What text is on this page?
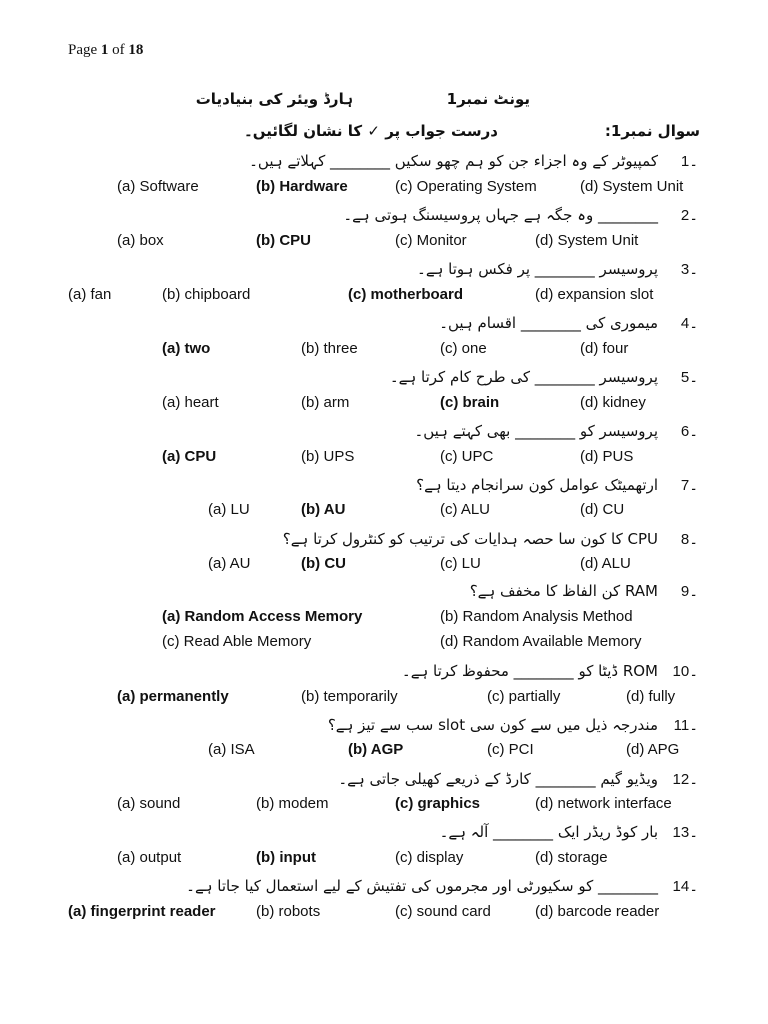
Page 1 of 18
یونٹ نمبر1
ہارڈ ویئر کی بنیادیات
سوال نمبر1:
درست جواب پر ✓ کا نشان لگائیں۔
1۔
کمپیوٹر کے وہ اجزاء جن کو ہم چھو سکیں ________ کہلاتے ہیں۔
(a) Software	(b) Hardware	(c) Operating System	(d) System Unit
2۔
________ وہ جگہ ہے جہاں پروسیسنگ ہوتی ہے۔
(a) box	(b) CPU	(c) Monitor	(d) System Unit
3۔
پروسیسر ________ پر فکس ہوتا ہے۔
(a) fan	(b) chipboard	(c) motherboard	(d) expansion slot
4۔
میموری کی ________ اقسام ہیں۔
(a) two	(b) three	(c) one	(d) four
5۔
پروسیسر ________ کی طرح کام کرتا ہے۔
(a) heart	(b) arm	(c) brain	(d) kidney
6۔
پروسیسر کو ________ بھی کہتے ہیں۔
(a) CPU	(b) UPS	(c) UPC	(d) PUS
7۔
ارتھمیٹک عوامل کون سرانجام دیتا ہے؟
(a) LU	(b) AU	(c) ALU	(d) CU
8۔
CPU کا کون سا حصہ ہدایات کی ترتیب کو کنٹرول کرتا ہے؟
(a) AU	(b) CU	(c) LU	(d) ALU
9۔
RAM کن الفاظ کا مخفف ہے؟
(a) Random Access Memory	(b) Random Analysis Method
(c) Read Able Memory	(d) Random Available Memory
10۔
ROM ڈیٹا کو ________ محفوظ کرتا ہے۔
(a) permanently	(b) temporarily	(c) partially	(d) fully
11۔
مندرجہ ذیل میں سے کون سی slot سب سے تیز ہے؟
(a) ISA	(b) AGP	(c) PCI	(d) APG
12۔
ویڈیو گیم ________ کارڈ کے ذریعے کھیلی جاتی ہے۔
(a) sound	(b) modem	(c) graphics	(d) network interface
13۔
بار کوڈ ریڈر ایک ________ آلہ ہے۔
(a) output	(b) input	(c) display	(d) storage
14۔
________ کو سکیورٹی اور مجرموں کی تفتیش کے لیے استعمال کیا جاتا ہے۔
(a) fingerprint reader	(b) robots	(c) sound card	(d) barcode reader
